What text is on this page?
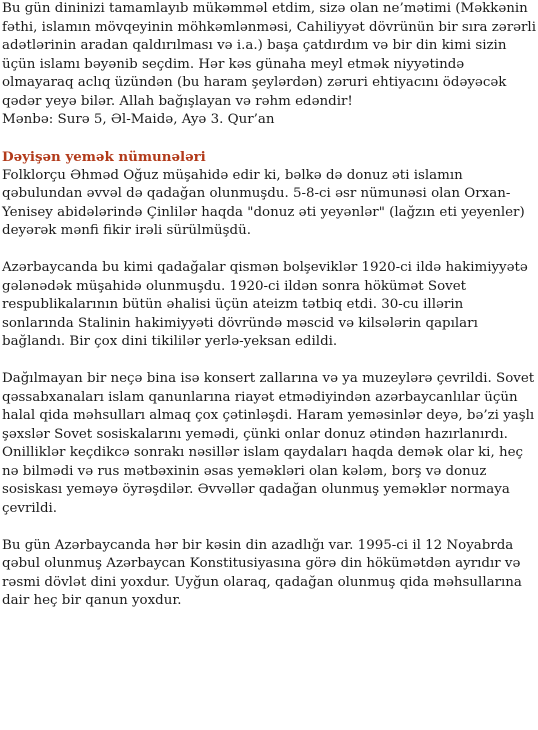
Bu gün dininizi tamamlayıb mükəmməl etdim, sizə olan ne’mətimi (Məkkənin fəthi, islamın mövqeyinin möhkəmlənməsi, Cahiliyyət dövrünün bir sıra zərərli adətlərinin aradan qaldırılması və i.a.) başa çatdırdım və bir din kimi sizin üçün islamı bəyənib seçdim. Hər kəs günaha meyl etmək niyyətində olmayaraq aclıq üzündən (bu haram şeylərdən) zəruri ehtiyacını ödəyəcək qədər yeyə bilər. Allah bağışlayan və rəhm edəndir!

Mənbə: Surə 5, Əl-Maidə, Ayə 3. Qur’an

Dəyişən yemək nümunələri

Folklorçu Əhməd Oğuz müşahidə edir ki, bəlkə də donuz əti islamın qəbulundan əvvəl də qadağan olunmuşdu. 5-8-ci əsr nümunəsi olan Orxan-Yenisey abidələrində Çinlilər haqda "donuz əti yeyənlər" (lağzın eti yeyenler) deyərək mənfi fikir irəli sürülmüşdü.

Azərbaycanda bu kimi qadağalar qismən bolşeviklər 1920-ci ildə hakimiyyətə gələnədək müşahidə olunmuşdu. 1920-ci ildən sonra hökümət Sovet respublikalarının bütün əhalisi üçün ateizm tətbiq etdi. 30-cu illərin sonlarında Stalinin hakimiyyəti dövründə məscid və kilsələrin qapıları bağlandı. Bir çox dini tikililər yerlə-yeksan edildi.

Dağılmayan bir neçə bina isə konsert zallarına və ya muzeylərə çevrildi. Sovet qəssabxanaları islam qanunlarına riayət etmədiyindən azərbaycanlılar üçün halal qida məhsulları almaq çox çətinləşdi. Haram yeməsinlər deyə, bə’zi yaşlı şəxslər Sovet sosiskalarını yemədi, çünki onlar donuz ətindən hazırlanırdı. Onilliklər keçdikcə sonrakı nəsillər islam qaydaları haqda demək olar ki, heç nə bilmədi və rus mətbəxinin əsas yeməkləri olan kələm, borş və donuz sosiskası yeməyə öyrəşdilər. Əvvəllər qadağan olunmuş yeməklər normaya çevrildi.

Bu gün Azərbaycanda hər bir kəsin din azadlığı var. 1995-ci il 12 Noyabrda qəbul olunmuş Azərbaycan Konstitusiyasına görə din hökümətdən ayrıdır və rəsmi dövlət dini yoxdur. Uyğun olaraq, qadağan olunmuş qida məhsullarına dair heç bir qanun yoxdur.
